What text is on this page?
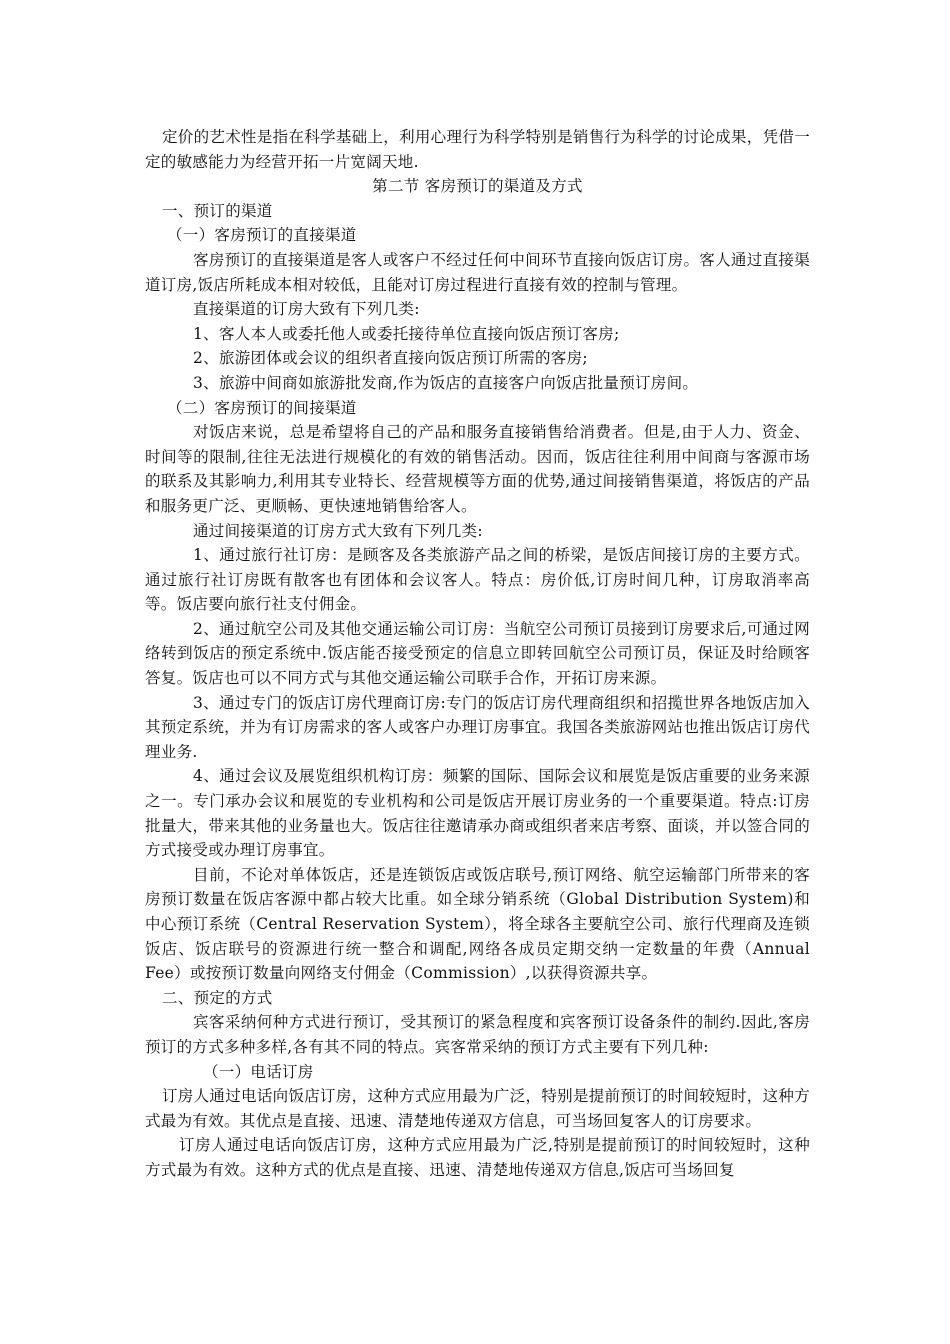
定价的艺术性是指在科学基础上，利用心理行为科学特别是销售行为科学的讨论成果，凭借一定的敏感能力为经营开拓一片宽阔天地.

第二节 客房预订的渠道及方式

一、预订的渠道

（一）客房预订的直接渠道

客房预订的直接渠道是客人或客户不经过任何中间环节直接向饭店订房。客人通过直接渠道订房,饭店所耗成本相对较低，且能对订房过程进行直接有效的控制与管理。

直接渠道的订房大致有下列几类:

1、客人本人或委托他人或委托接待单位直接向饭店预订客房;

2、旅游团体或会议的组织者直接向饭店预订所需的客房;

3、旅游中间商如旅游批发商,作为饭店的直接客户向饭店批量预订房间。

（二）客房预订的间接渠道

对饭店来说，总是希望将自己的产品和服务直接销售给消费者。但是,由于人力、资金、时间等的限制,往往无法进行规模化的有效的销售活动。因而，饭店往往利用中间商与客源市场的联系及其影响力,利用其专业特长、经营规模等方面的优势,通过间接销售渠道，将饭店的产品和服务更广泛、更顺畅、更快速地销售给客人。

通过间接渠道的订房方式大致有下列几类:

1、通过旅行社订房：是顾客及各类旅游产品之间的桥梁，是饭店间接订房的主要方式。通过旅行社订房既有散客也有团体和会议客人。特点：房价低,订房时间几种，订房取消率高等。饭店要向旅行社支付佣金。

2、通过航空公司及其他交通运输公司订房：当航空公司预订员接到订房要求后,可通过网络转到饭店的预定系统中.饭店能否接受预定的信息立即转回航空公司预订员，保证及时给顾客答复。饭店也可以不同方式与其他交通运输公司联手合作，开拓订房来源。

3、通过专门的饭店订房代理商订房:专门的饭店订房代理商组织和招揽世界各地饭店加入其预定系统，并为有订房需求的客人或客户办理订房事宜。我国各类旅游网站也推出饭店订房代理业务.

4、通过会议及展览组织机构订房：频繁的国际、国际会议和展览是饭店重要的业务来源之一。专门承办会议和展览的专业机构和公司是饭店开展订房业务的一个重要渠道。特点:订房批量大，带来其他的业务量也大。饭店往往邀请承办商或组织者来店考察、面谈，并以签合同的方式接受或办理订房事宜。

目前，不论对单体饭店，还是连锁饭店或饭店联号,预订网络、航空运输部门所带来的客房预订数量在饭店客源中都占较大比重。如全球分销系统（Global Distribution System)和中心预订系统（Central Reservation System），将全球各主要航空公司、旅行代理商及连锁饭店、饭店联号的资源进行统一整合和调配,网络各成员定期交纳一定数量的年费（Annual Fee）或按预订数量向网络支付佣金（Commission）,以获得资源共享。

二、预定的方式

宾客采纳何种方式进行预订，受其预订的紧急程度和宾客预订设备条件的制约.因此,客房预订的方式多种多样,各有其不同的特点。宾客常采纳的预订方式主要有下列几种:

（一）电话订房

订房人通过电话向饭店订房，这种方式应用最为广泛，特别是提前预订的时间较短时，这种方式最为有效。其优点是直接、迅速、清楚地传递双方信息，可当场回复客人的订房要求。

订房人通过电话向饭店订房，这种方式应用最为广泛,特别是提前预订的时间较短时，这种方式最为有效。这种方式的优点是直接、迅速、清楚地传递双方信息,饭店可当场回复
